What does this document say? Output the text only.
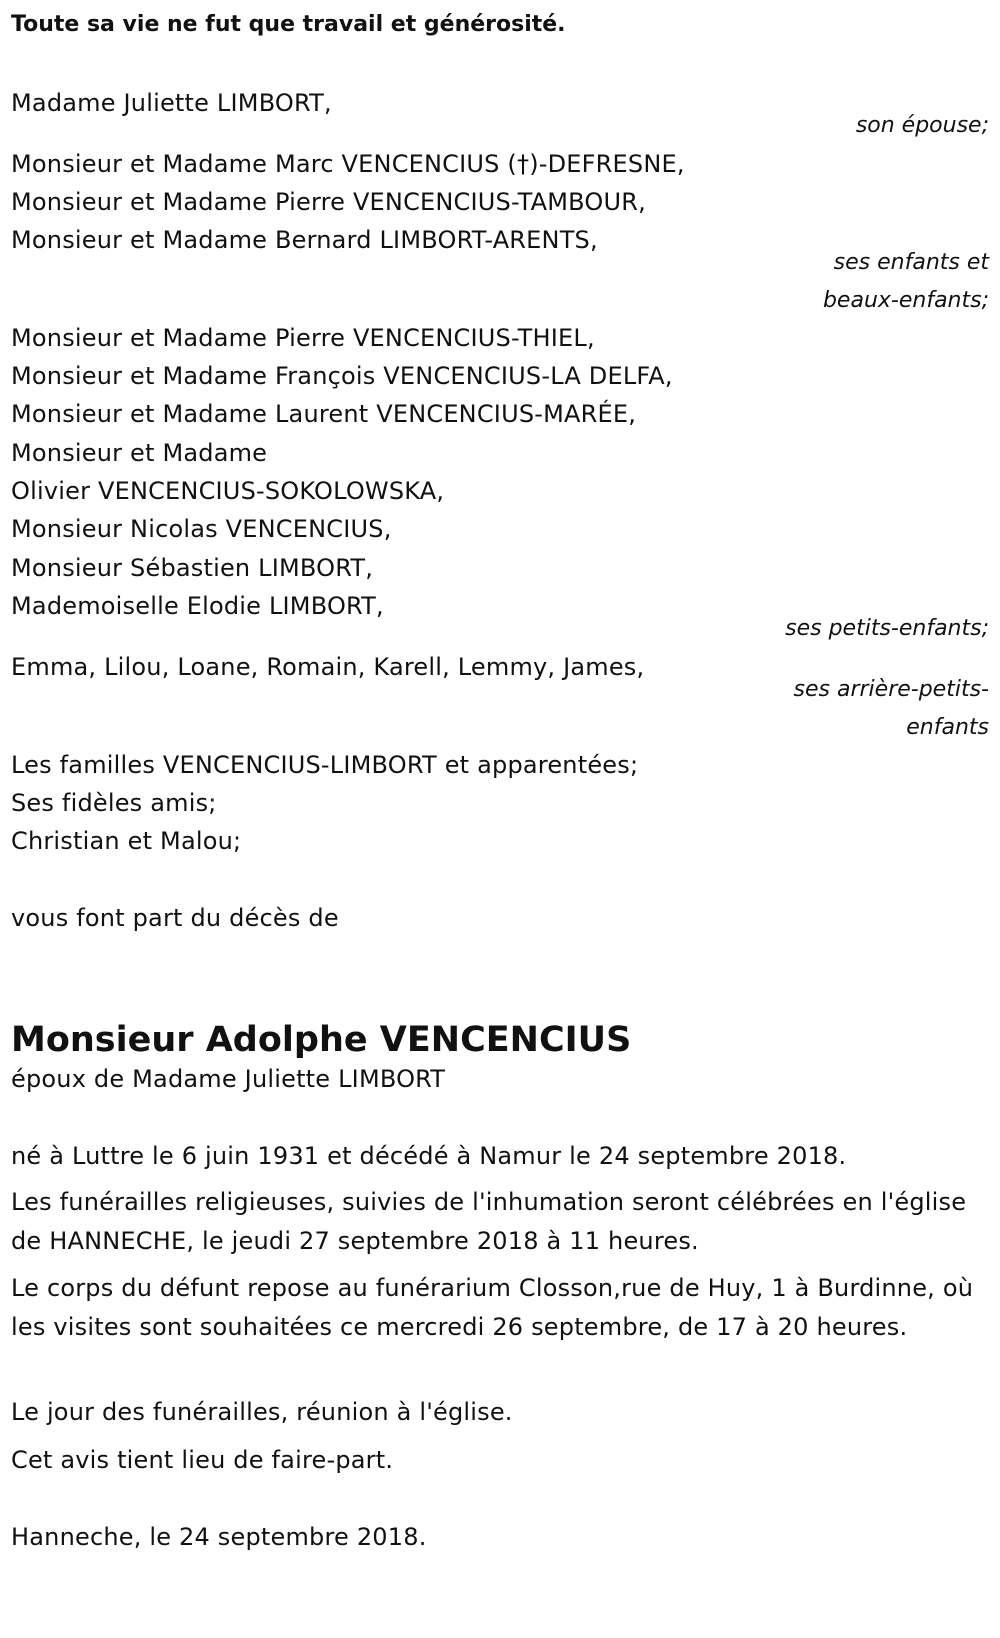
Toute sa vie ne fut que travail et générosité.
Madame Juliette LIMBORT,
son épouse;
Monsieur et Madame Marc VENCENCIUS (†)-DEFRESNE,
Monsieur et Madame Pierre VENCENCIUS-TAMBOUR,
Monsieur et Madame Bernard LIMBORT-ARENTS,
ses enfants et
beaux-enfants;
Monsieur et Madame Pierre VENCENCIUS-THIEL,
Monsieur et Madame François VENCENCIUS-LA DELFA,
Monsieur et Madame Laurent VENCENCIUS-MARÉE,
Monsieur et Madame
Olivier VENCENCIUS-SOKOLOWSKA,
Monsieur Nicolas VENCENCIUS,
Monsieur Sébastien LIMBORT,
Mademoiselle Elodie LIMBORT,
ses petits-enfants;
Emma, Lilou, Loane, Romain, Karell, Lemmy, James,
ses arrière-petits-
enfants
Les familles VENCENCIUS-LIMBORT et apparentées;
Ses fidèles amis;
Christian et Malou;
vous font part du décès de
Monsieur Adolphe VENCENCIUS
époux de Madame Juliette LIMBORT
né à Luttre le 6 juin 1931 et décédé à Namur le 24 septembre 2018.
Les funérailles religieuses, suivies de l'inhumation seront célébrées en l'église de HANNECHE, le jeudi 27 septembre 2018 à 11 heures.
Le corps du défunt repose au funérarium Closson,rue de Huy, 1 à Burdinne, où les visites sont souhaitées ce mercredi 26 septembre, de 17 à 20 heures.
Le jour des funérailles, réunion à l'église.
Cet avis tient lieu de faire-part.
Hanneche, le 24 septembre 2018.
